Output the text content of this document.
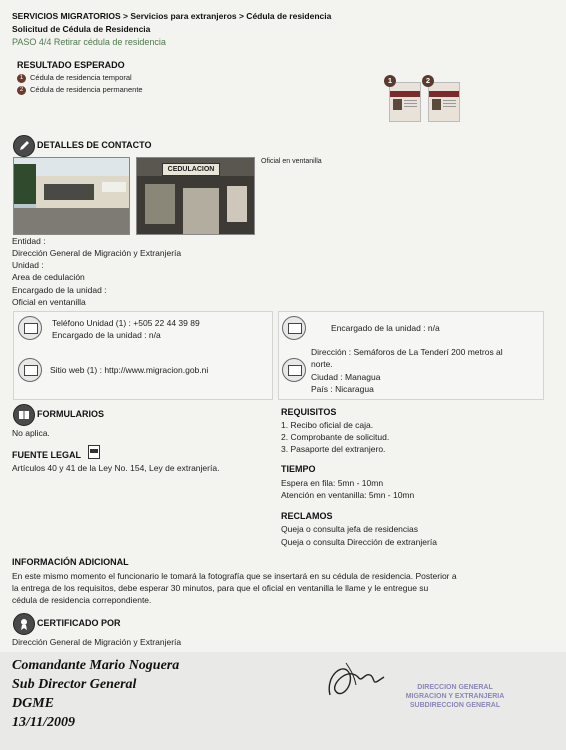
SERVICIOS MIGRATORIOS > Servicios para extranjeros > Cédula de residencia
Solicitud de Cédula de Residencia
PASO 4/4 Retirar cédula de residencia
RESULTADO ESPERADO
1 Cédula de residencia temporal
2 Cédula de residencia permanente
1	2
DETALLES DE CONTACTO
CEDULACION
Oficial en ventanilla
Entidad :
Dirección General de Migración y Extranjería
Unidad :
Area de cedulación
Encargado de la unidad :
Oficial en ventanilla
Teléfono Unidad (1) : +505 22 44 39 89
Encargado de la unidad : n/a
Sitio web (1) : http://www.migracion.gob.ni
Encargado de la unidad : n/a
Dirección : Semáforos de La Tenderí 200 metros al
norte.
Ciudad : Managua
País : Nicaragua
FORMULARIOS
No aplica.
FUENTE LEGAL
Artículos 40 y 41 de la Ley No. 154, Ley de extranjería.
REQUISITOS
1. Recibo oficial de caja.
2. Comprobante de solicitud.
3. Pasaporte del extranjero.
TIEMPO
Espera en fila: 5mn - 10mn
Atención en ventanilla: 5mn - 10mn
RECLAMOS
Queja o consulta jefa de residencias
Queja o consulta Dirección de extranjería
INFORMACIÓN ADICIONAL
En este mismo momento el funcionario le tomará la fotografía que se insertará en su cédula de residencia. Posterior a
la entrega de los requisitos, debe esperar 30 minutos, para que el oficial en ventanilla le llame y le entregue su
cédula de residencia correpondiente.
CERTIFICADO POR
Dirección General de Migración y Extranjería
Comandante Mario Noguera
Sub Director General
DGME
13/11/2009
DIRECCION GENERAL
MIGRACION Y EXTRANJERIA
SUBDIRECCION GENERAL
